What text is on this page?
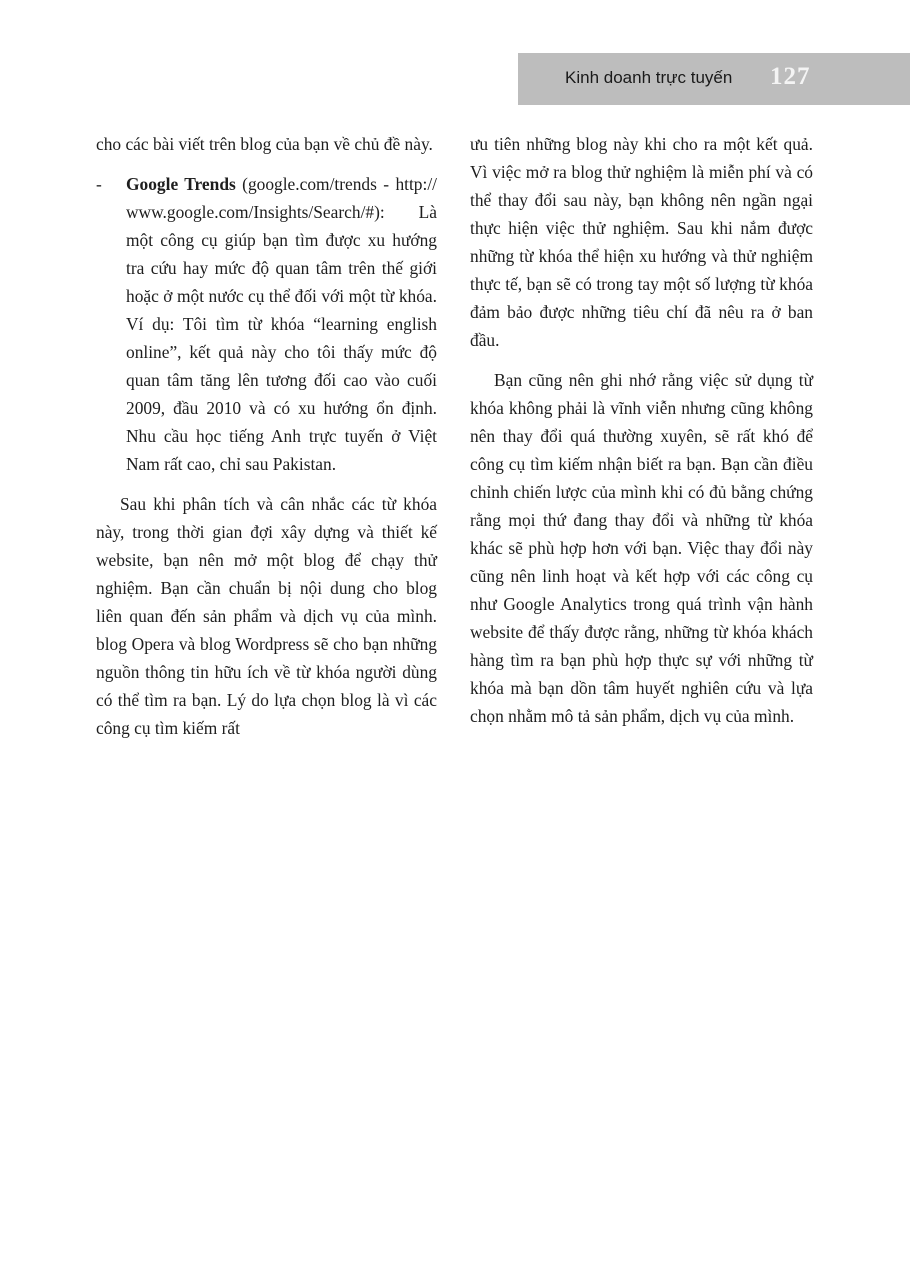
Kinh doanh trực tuyến 127

cho các bài viết trên blog của bạn về chủ đề này.

- Google Trends (google.com/trends - http://www.google.com/Insights/Search/#): Là một công cụ giúp bạn tìm được xu hướng tra cứu hay mức độ quan tâm trên thế giới hoặc ở một nước cụ thể đối với một từ khóa. Ví dụ: Tôi tìm từ khóa “learning english online”, kết quả này cho tôi thấy mức độ quan tâm tăng lên tương đối cao vào cuối 2009, đầu 2010 và có xu hướng ổn định. Nhu cầu học tiếng Anh trực tuyến ở Việt Nam rất cao, chỉ sau Pakistan.

Sau khi phân tích và cân nhắc các từ khóa này, trong thời gian đợi xây dựng và thiết kế website, bạn nên mở một blog để chạy thử nghiệm. Bạn cần chuẩn bị nội dung cho blog liên quan đến sản phẩm và dịch vụ của mình. blog Opera và blog Wordpress sẽ cho bạn những nguồn thông tin hữu ích về từ khóa người dùng có thể tìm ra bạn. Lý do lựa chọn blog là vì các công cụ tìm kiếm rất

ưu tiên những blog này khi cho ra một kết quả. Vì việc mở ra blog thử nghiệm là miễn phí và có thể thay đổi sau này, bạn không nên ngần ngại thực hiện việc thử nghiệm. Sau khi nắm được những từ khóa thể hiện xu hướng và thử nghiệm thực tế, bạn sẽ có trong tay một số lượng từ khóa đảm bảo được những tiêu chí đã nêu ra ở ban đầu.

Bạn cũng nên ghi nhớ rằng việc sử dụng từ khóa không phải là vĩnh viễn nhưng cũng không nên thay đổi quá thường xuyên, sẽ rất khó để công cụ tìm kiếm nhận biết ra bạn. Bạn cần điều chỉnh chiến lược của mình khi có đủ bằng chứng rằng mọi thứ đang thay đổi và những từ khóa khác sẽ phù hợp hơn với bạn. Việc thay đổi này cũng nên linh hoạt và kết hợp với các công cụ như Google Analytics trong quá trình vận hành website để thấy được rằng, những từ khóa khách hàng tìm ra bạn phù hợp thực sự với những từ khóa mà bạn dồn tâm huyết nghiên cứu và lựa chọn nhằm mô tả sản phẩm, dịch vụ của mình.
